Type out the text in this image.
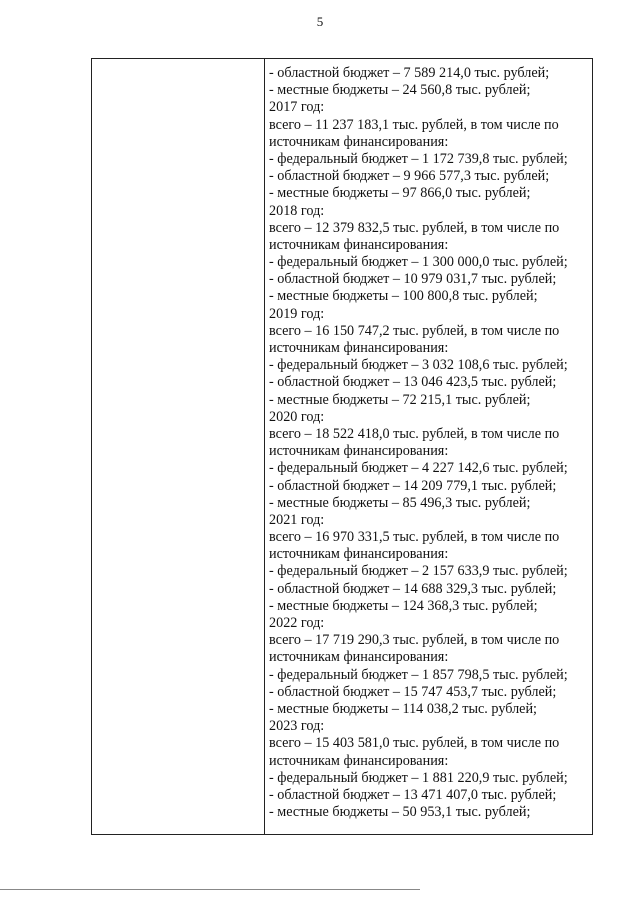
5
- областной бюджет – 7 589 214,0 тыс. рублей;
- местные бюджеты – 24 560,8 тыс. рублей;
2017 год:
всего – 11 237 183,1 тыс. рублей, в том числе по
источникам финансирования:
- федеральный бюджет – 1 172 739,8 тыс. рублей;
- областной бюджет – 9 966 577,3 тыс. рублей;
- местные бюджеты – 97 866,0 тыс. рублей;
2018 год:
всего – 12 379 832,5 тыс. рублей, в том числе по
источникам финансирования:
- федеральный бюджет – 1 300 000,0 тыс. рублей;
- областной бюджет – 10 979 031,7 тыс. рублей;
- местные бюджеты – 100 800,8 тыс. рублей;
2019 год:
всего – 16 150 747,2 тыс. рублей, в том числе по
источникам финансирования:
- федеральный бюджет – 3 032 108,6 тыс. рублей;
- областной бюджет – 13 046 423,5 тыс. рублей;
- местные бюджеты – 72 215,1 тыс. рублей;
2020 год:
всего – 18 522 418,0 тыс. рублей, в том числе по
источникам финансирования:
- федеральный бюджет – 4 227 142,6 тыс. рублей;
- областной бюджет – 14 209 779,1 тыс. рублей;
- местные бюджеты – 85 496,3 тыс. рублей;
2021 год:
всего – 16 970 331,5 тыс. рублей, в том числе по
источникам финансирования:
- федеральный бюджет – 2 157 633,9 тыс. рублей;
- областной бюджет – 14 688 329,3 тыс. рублей;
- местные бюджеты – 124 368,3 тыс. рублей;
2022 год:
всего – 17 719 290,3 тыс. рублей, в том числе по
источникам финансирования:
- федеральный бюджет – 1 857 798,5 тыс. рублей;
- областной бюджет – 15 747 453,7 тыс. рублей;
- местные бюджеты – 114 038,2 тыс. рублей;
2023 год:
всего – 15 403 581,0 тыс. рублей, в том числе по
источникам финансирования:
- федеральный бюджет – 1 881 220,9 тыс. рублей;
- областной бюджет – 13 471 407,0 тыс. рублей;
- местные бюджеты – 50 953,1 тыс. рублей;
